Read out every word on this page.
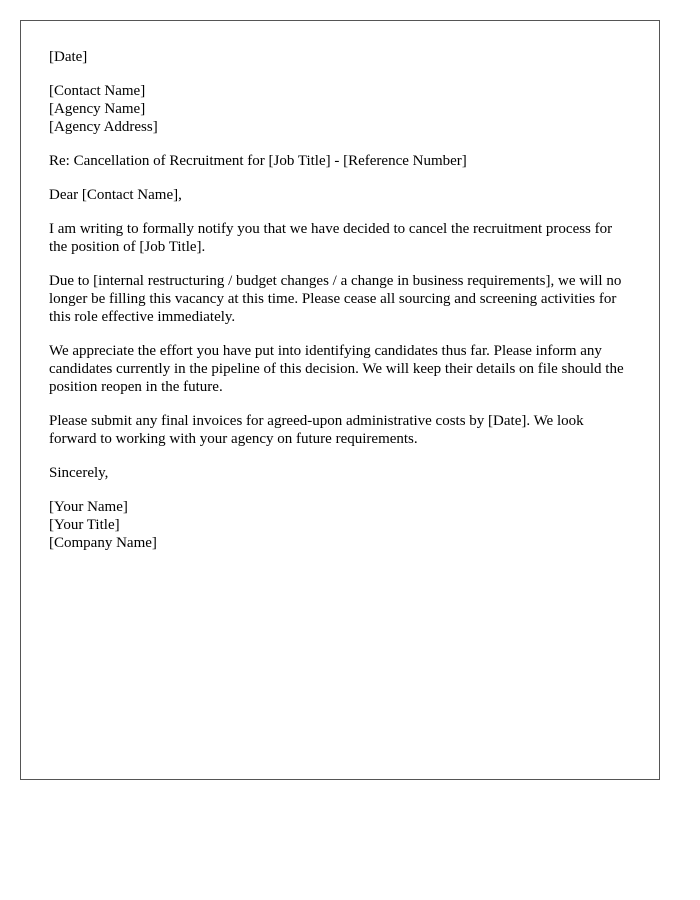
[Date]

[Contact Name]
[Agency Name]
[Agency Address]

Re: Cancellation of Recruitment for [Job Title] - [Reference Number]

Dear [Contact Name],

I am writing to formally notify you that we have decided to cancel the recruitment process for the position of [Job Title].

Due to [internal restructuring / budget changes / a change in business requirements], we will no longer be filling this vacancy at this time. Please cease all sourcing and screening activities for this role effective immediately.

We appreciate the effort you have put into identifying candidates thus far. Please inform any candidates currently in the pipeline of this decision. We will keep their details on file should the position reopen in the future.

Please submit any final invoices for agreed-upon administrative costs by [Date]. We look forward to working with your agency on future requirements.

Sincerely,

[Your Name]
[Your Title]
[Company Name]
